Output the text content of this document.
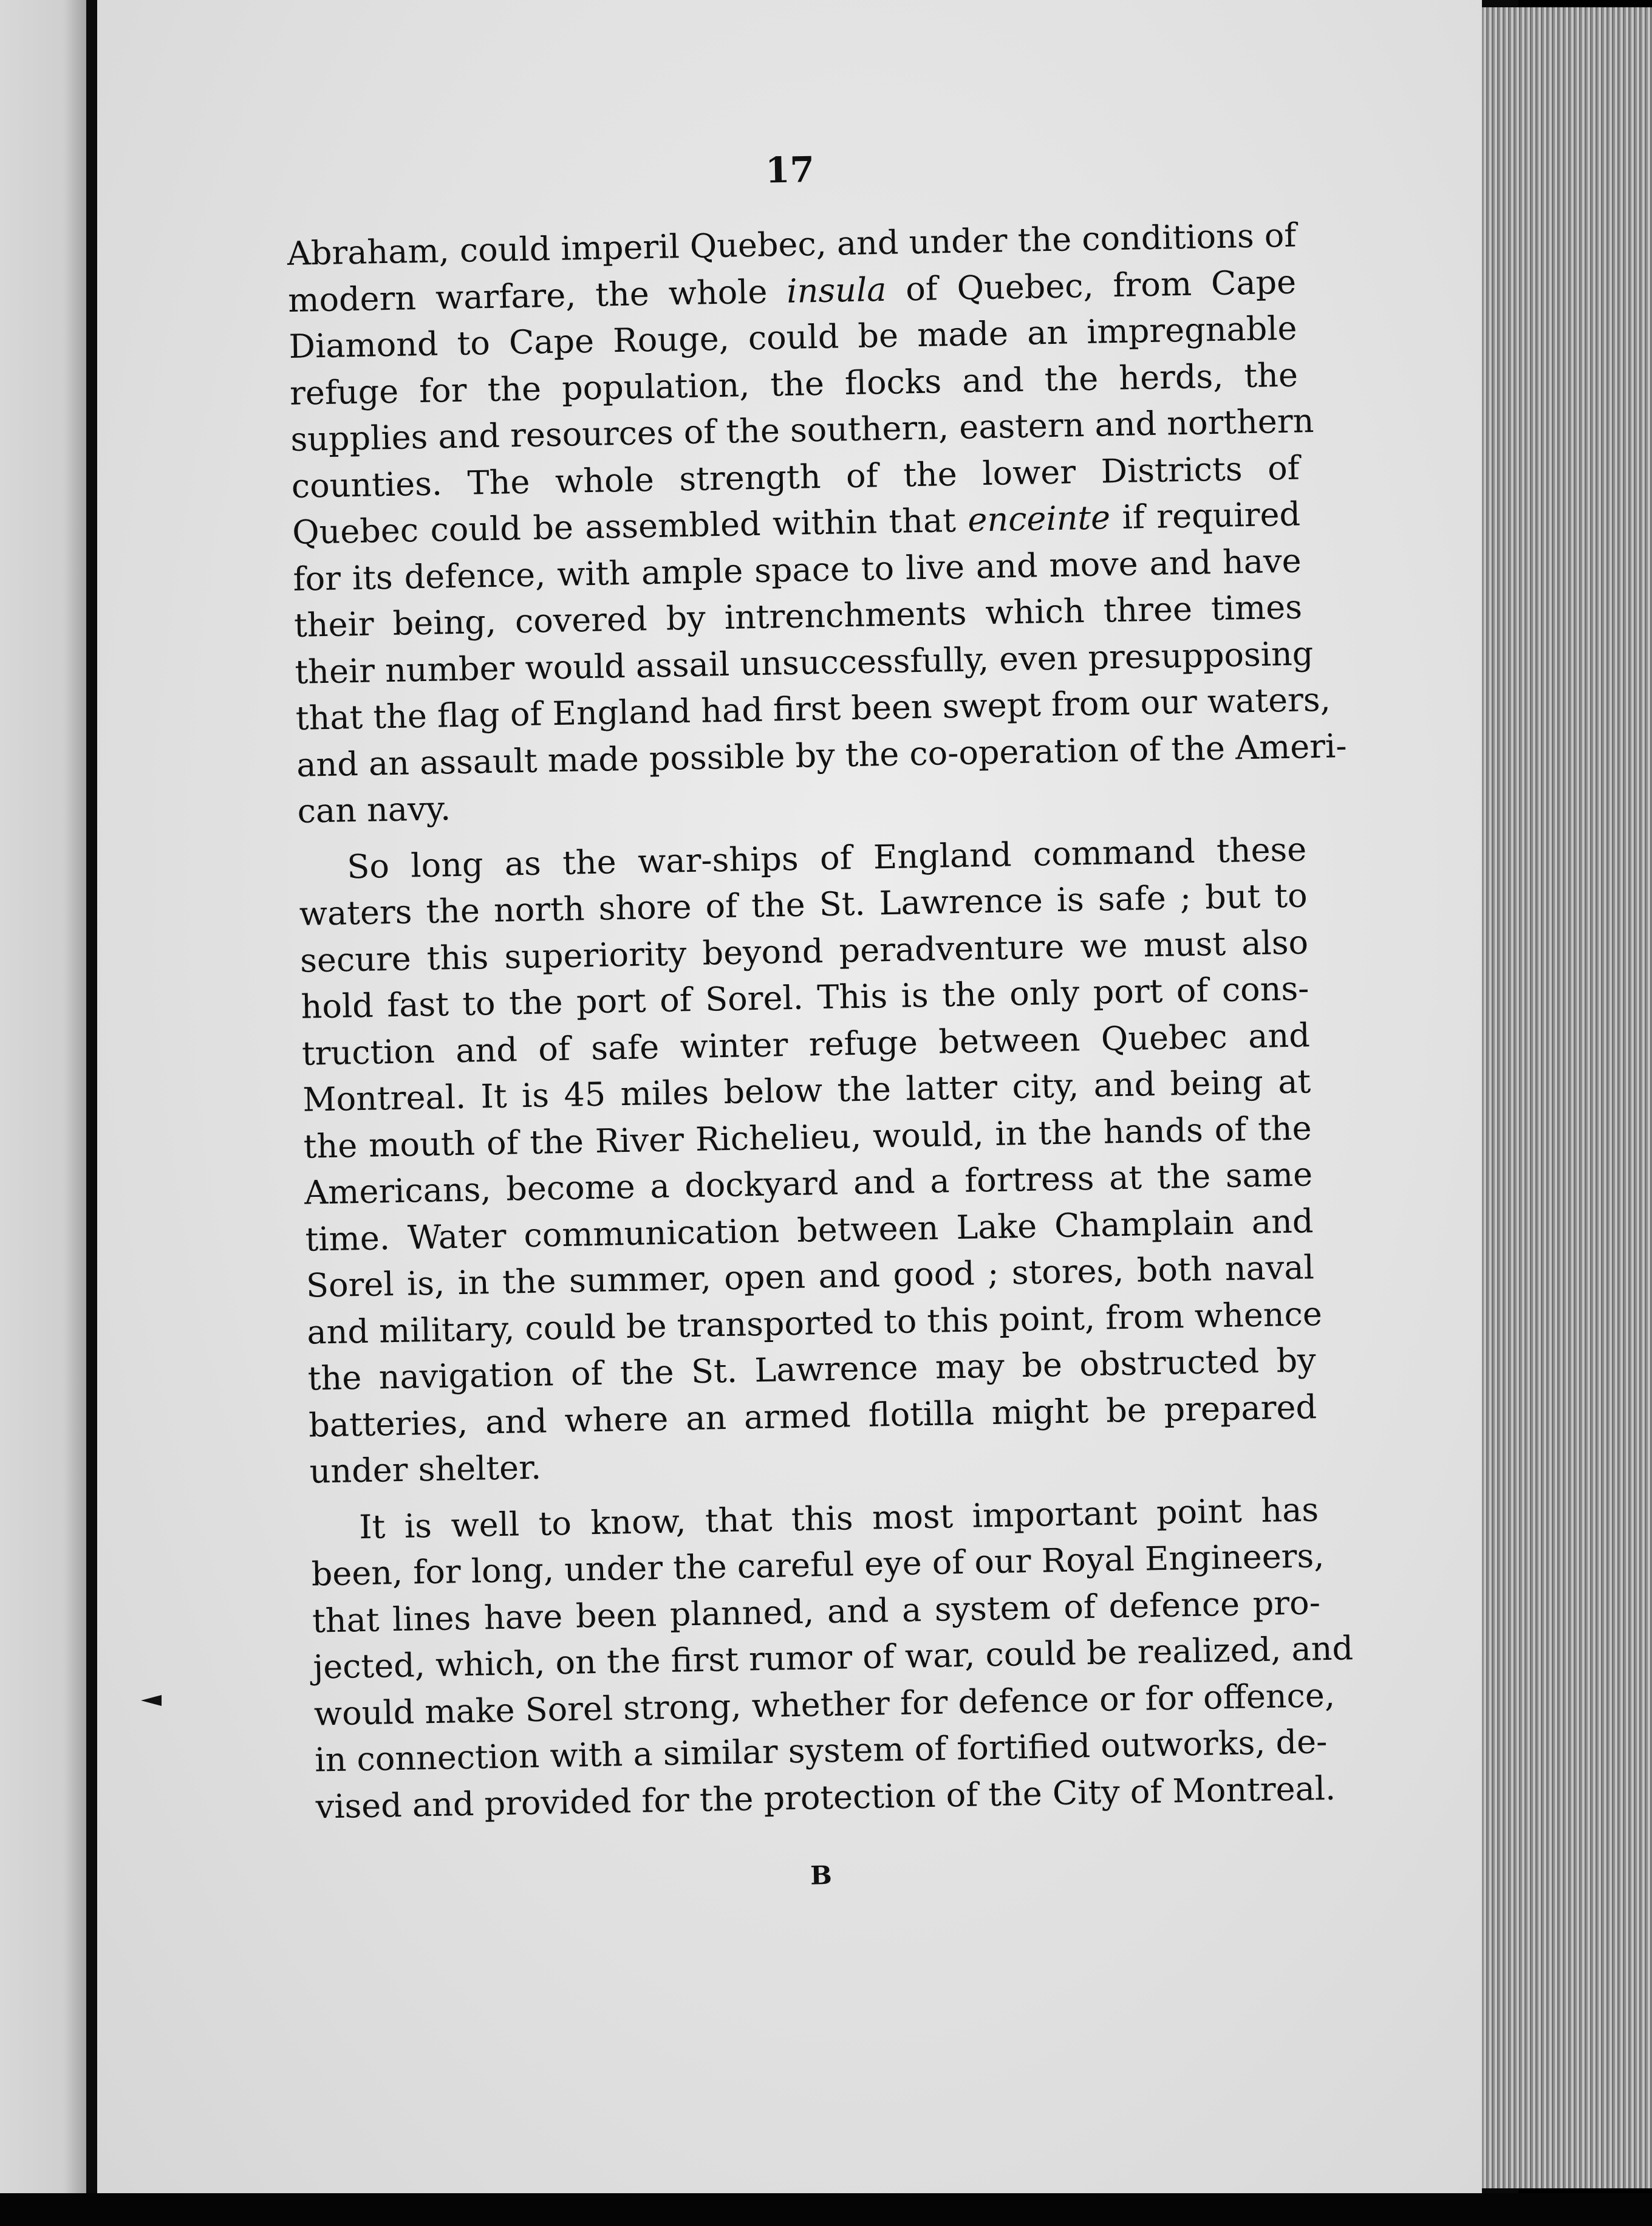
17
Abraham, could imperil Quebec, and under the conditions of
modern warfare, the whole insula of Quebec, from Cape
Diamond to Cape Rouge, could be made an impregnable
refuge for the population, the flocks and the herds, the
supplies and resources of the southern, eastern and northern
counties. The whole strength of the lower Districts of
Quebec could be assembled within that enceinte if required
for its defence, with ample space to live and move and have
their being, covered by intrenchments which three times
their number would assail unsuccessfully, even presupposing
that the flag of England had first been swept from our waters,
and an assault made possible by the co-operation of the Ameri-
can navy.
So long as the war-ships of England command these
waters the north shore of the St. Lawrence is safe ; but to
secure this superiority beyond peradventure we must also
hold fast to the port of Sorel. This is the only port of cons-
truction and of safe winter refuge between Quebec and
Montreal. It is 45 miles below the latter city, and being at
the mouth of the River Richelieu, would, in the hands of the
Americans, become a dockyard and a fortress at the same
time. Water communication between Lake Champlain and
Sorel is, in the summer, open and good ; stores, both naval
and military, could be transported to this point, from whence
the navigation of the St. Lawrence may be obstructed by
batteries, and where an armed flotilla might be prepared
under shelter.
It is well to know, that this most important point has
been, for long, under the careful eye of our Royal Engineers,
that lines have been planned, and a system of defence pro-
jected, which, on the first rumor of war, could be realized, and
would make Sorel strong, whether for defence or for offence,
in connection with a similar system of fortified outworks, de-
vised and provided for the protection of the City of Montreal.
B
